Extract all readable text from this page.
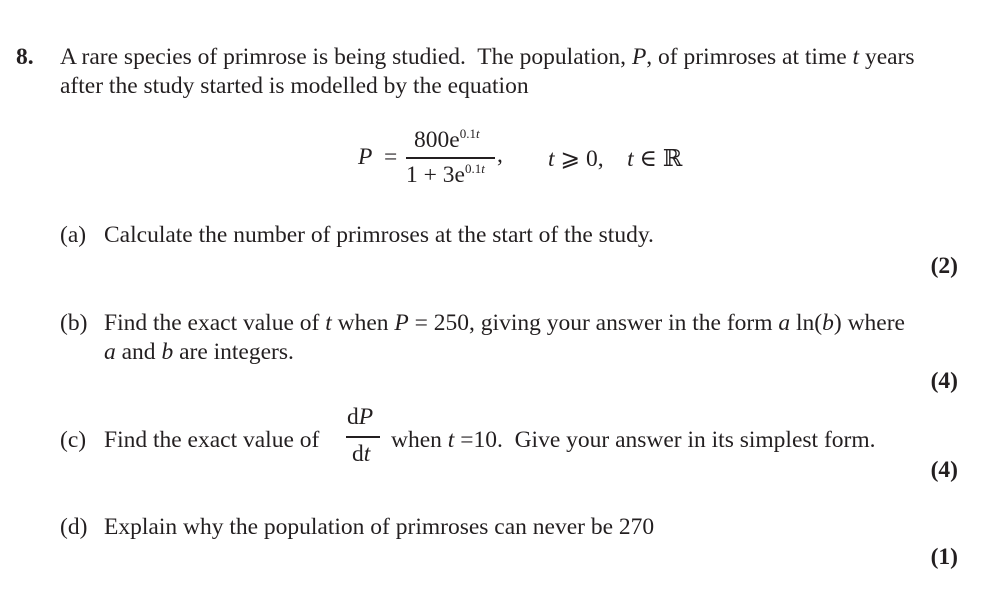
8. A rare species of primrose is being studied.  The population, P, of primroses at time t years
after the study started is modelled by the equation
P =
$800e^{0.1t}$
$1 + 3e^{0.1t}$
, t ⩾ 0,    t ∈ ℝ
(a) Calculate the number of primroses at the start of the study.
(2)
(b) Find the exact value of t when P = 250, giving your answer in the form a ln(b) where
a and b are integers.
(4)
(c) Find the exact value of
dP
dt
when t =10.  Give your answer in its simplest form.
(4)
(d) Explain why the population of primroses can never be 270
(1)
